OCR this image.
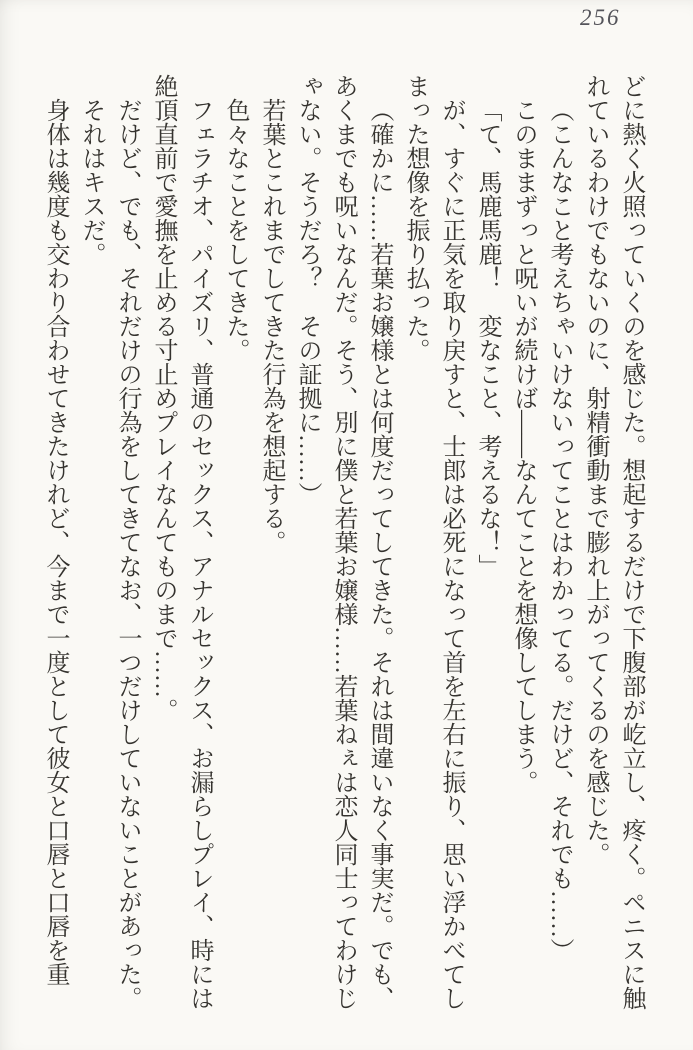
256

どに熱く火照っていくのを感じた。想起するだけで下腹部が屹立し、疼く。ペニスに触れているわけでもないのに、射精衝動まで膨れ上がってくるのを感じた。

（こんなこと考えちゃいけないってことはわかってる。だけど、それでも……）

このままずっと呪いが続けば——なんてことを想像してしまう。

「て、馬鹿馬鹿！　変なこと、考えるな！」

が、すぐに正気を取り戻すと、士郎は必死になって首を左右に振り、思い浮かべてしまった想像を振り払った。

（確かに……若葉お嬢様とは何度だってしてきた。それは間違いなく事実だ。でも、あくまでも呪いなんだ。そう、別に僕と若葉お嬢様……若葉ねぇは恋人同士ってわけじゃない。そうだろ？　その証拠に……）

若葉とこれまでしてきた行為を想起する。

色々なことをしてきた。

フェラチオ、パイズリ、普通のセックス、アナルセックス、お漏らしプレイ、時には絶頂直前で愛撫を止める寸止めプレイなんてものまで……。

だけど、でも、それだけの行為をしてきてなお、一つだけしていないことがあった。

それはキスだ。

身体は幾度も交わり合わせてきたけれど、今まで一度として彼女と口唇と口唇を重
